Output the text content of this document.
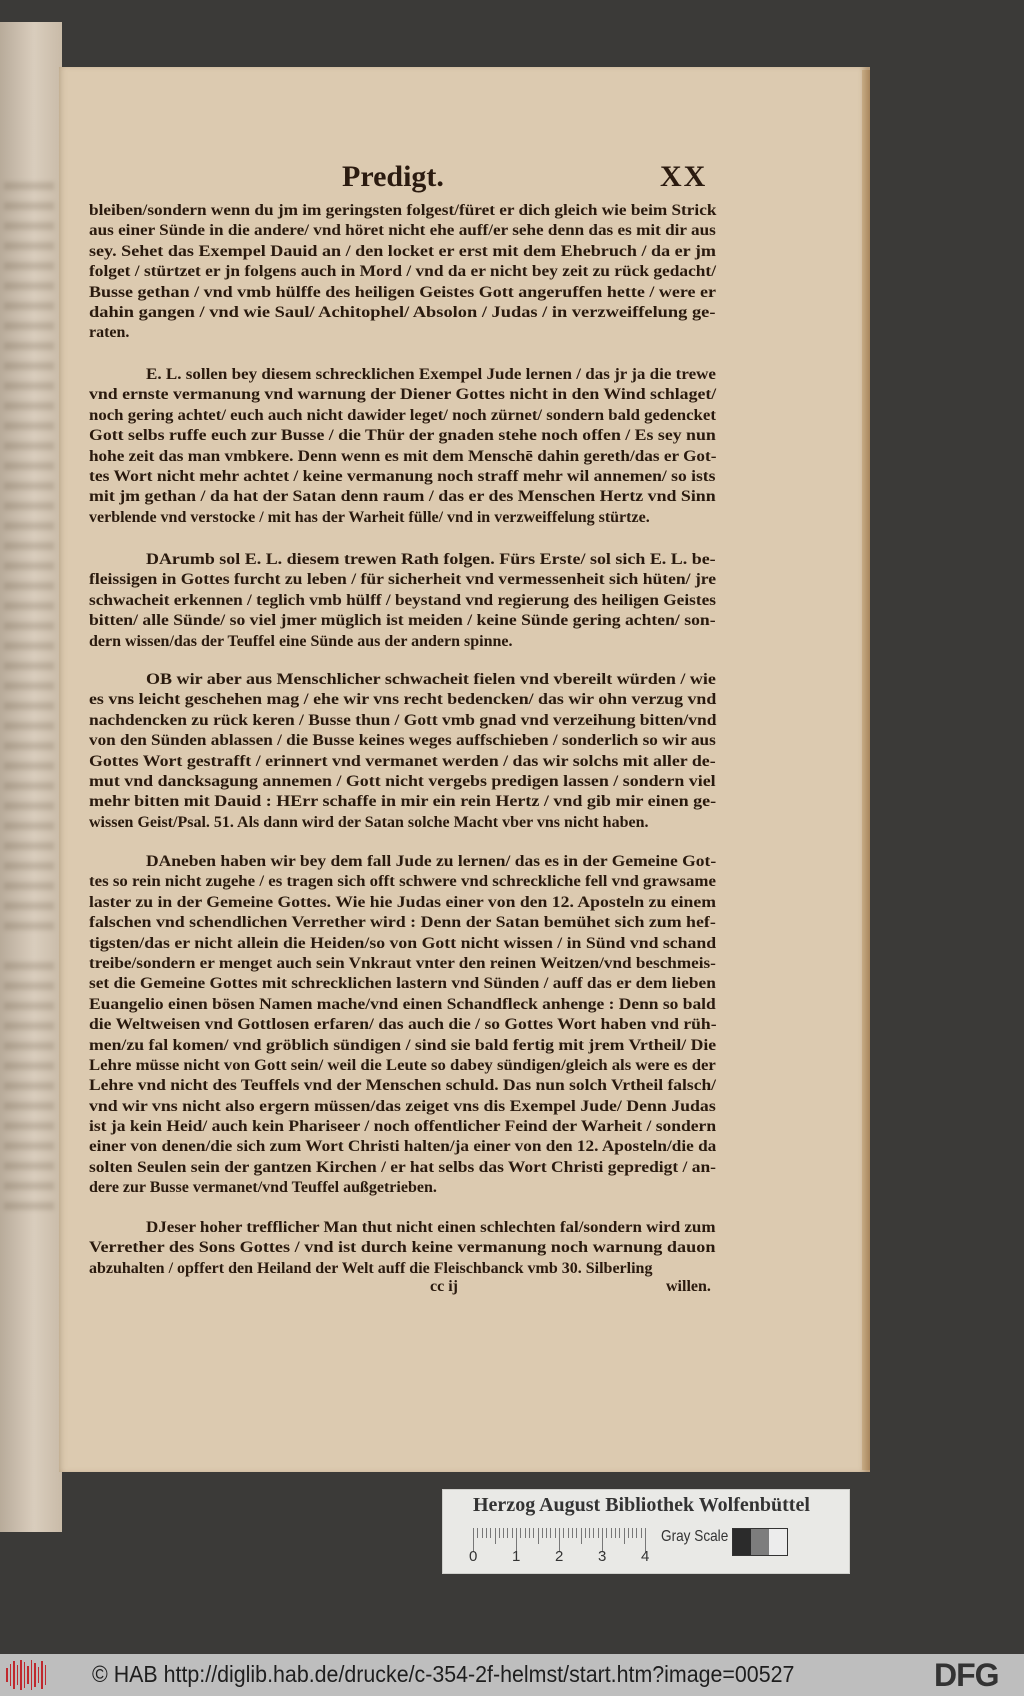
Predigt.	XX
bleiben/sondern wenn du jm im geringsten folgest/füret er dich gleich wie beim Strick
aus einer Sünde in die andere/ vnd höret nicht ehe auff/er sehe denn das es mit dir aus
sey. Sehet das Exempel Dauid an / den locket er erst mit dem Ehebruch / da er jm
folget / stürtzet er jn folgens auch in Mord / vnd da er nicht bey zeit zu rück gedacht/
Busse gethan / vnd vmb hülffe des heiligen Geistes Gott angeruffen hette / were er
dahin gangen / vnd wie Saul/ Achitophel/ Absolon / Judas / in verzweiffelung ge-
raten.
E. L. sollen bey diesem schrecklichen Exempel Jude lernen / das jr ja die trewe
vnd ernste vermanung vnd warnung der Diener Gottes nicht in den Wind schlaget/
noch gering achtet/ euch auch nicht dawider leget/ noch zürnet/ sondern bald gedencket
Gott selbs ruffe euch zur Busse / die Thür der gnaden stehe noch offen / Es sey nun
hohe zeit das man vmbkere. Denn wenn es mit dem Menschē dahin gereth/das er Got-
tes Wort nicht mehr achtet / keine vermanung noch straff mehr wil annemen/ so ists
mit jm gethan / da hat der Satan denn raum / das er des Menschen Hertz vnd Sinn
verblende vnd verstocke / mit has der Warheit fülle/ vnd in verzweiffelung stürtze.
DArumb sol E. L. diesem trewen Rath folgen. Fürs Erste/ sol sich E. L. be-
fleissigen in Gottes furcht zu leben / für sicherheit vnd vermessenheit sich hüten/ jre
schwacheit erkennen / teglich vmb hülff / beystand vnd regierung des heiligen Geistes
bitten/ alle Sünde/ so viel jmer müglich ist meiden / keine Sünde gering achten/ son-
dern wissen/das der Teuffel eine Sünde aus der andern spinne.
OB wir aber aus Menschlicher schwacheit fielen vnd vbereilt würden / wie
es vns leicht geschehen mag / ehe wir vns recht bedencken/ das wir ohn verzug vnd
nachdencken zu rück keren / Busse thun / Gott vmb gnad vnd verzeihung bitten/vnd
von den Sünden ablassen / die Busse keines weges auffschieben / sonderlich so wir aus
Gottes Wort gestrafft / erinnert vnd vermanet werden / das wir solchs mit aller de-
mut vnd dancksagung annemen / Gott nicht vergebs predigen lassen / sondern viel
mehr bitten mit Dauid : HErr schaffe in mir ein rein Hertz / vnd gib mir einen ge-
wissen Geist/Psal. 51. Als dann wird der Satan solche Macht vber vns nicht haben.
DAneben haben wir bey dem fall Jude zu lernen/ das es in der Gemeine Got-
tes so rein nicht zugehe / es tragen sich offt schwere vnd schreckliche fell vnd grawsame
laster zu in der Gemeine Gottes. Wie hie Judas einer von den 12. Aposteln zu einem
falschen vnd schendlichen Verrether wird : Denn der Satan bemühet sich zum hef-
tigsten/das er nicht allein die Heiden/so von Gott nicht wissen / in Sünd vnd schand
treibe/sondern er menget auch sein Vnkraut vnter den reinen Weitzen/vnd beschmeis-
set die Gemeine Gottes mit schrecklichen lastern vnd Sünden / auff das er dem lieben
Euangelio einen bösen Namen mache/vnd einen Schandfleck anhenge : Denn so bald
die Weltweisen vnd Gottlosen erfaren/ das auch die / so Gottes Wort haben vnd rüh-
men/zu fal komen/ vnd gröblich sündigen / sind sie bald fertig mit jrem Vrtheil/ Die
Lehre müsse nicht von Gott sein/ weil die Leute so dabey sündigen/gleich als were es der
Lehre vnd nicht des Teuffels vnd der Menschen schuld. Das nun solch Vrtheil falsch/
vnd wir vns nicht also ergern müssen/das zeiget vns dis Exempel Jude/ Denn Judas
ist ja kein Heid/ auch kein Phariseer / noch offentlicher Feind der Warheit / sondern
einer von denen/die sich zum Wort Christi halten/ja einer von den 12. Aposteln/die da
solten Seulen sein der gantzen Kirchen / er hat selbs das Wort Christi gepredigt / an-
dere zur Busse vermanet/vnd Teuffel außgetrieben.
DJeser hoher trefflicher Man thut nicht einen schlechten fal/sondern wird zum
Verrether des Sons Gottes / vnd ist durch keine vermanung noch warnung dauon
abzuhalten / opffert den Heiland der Welt auff die Fleischbanck vmb 30. Silberling
cc ij	willen.
Herzog August Bibliothek Wolfenbüttel
Gray Scale
0 1 2 3 4
© HAB http://diglib.hab.de/drucke/c-354-2f-helmst/start.htm?image=00527	DFG
